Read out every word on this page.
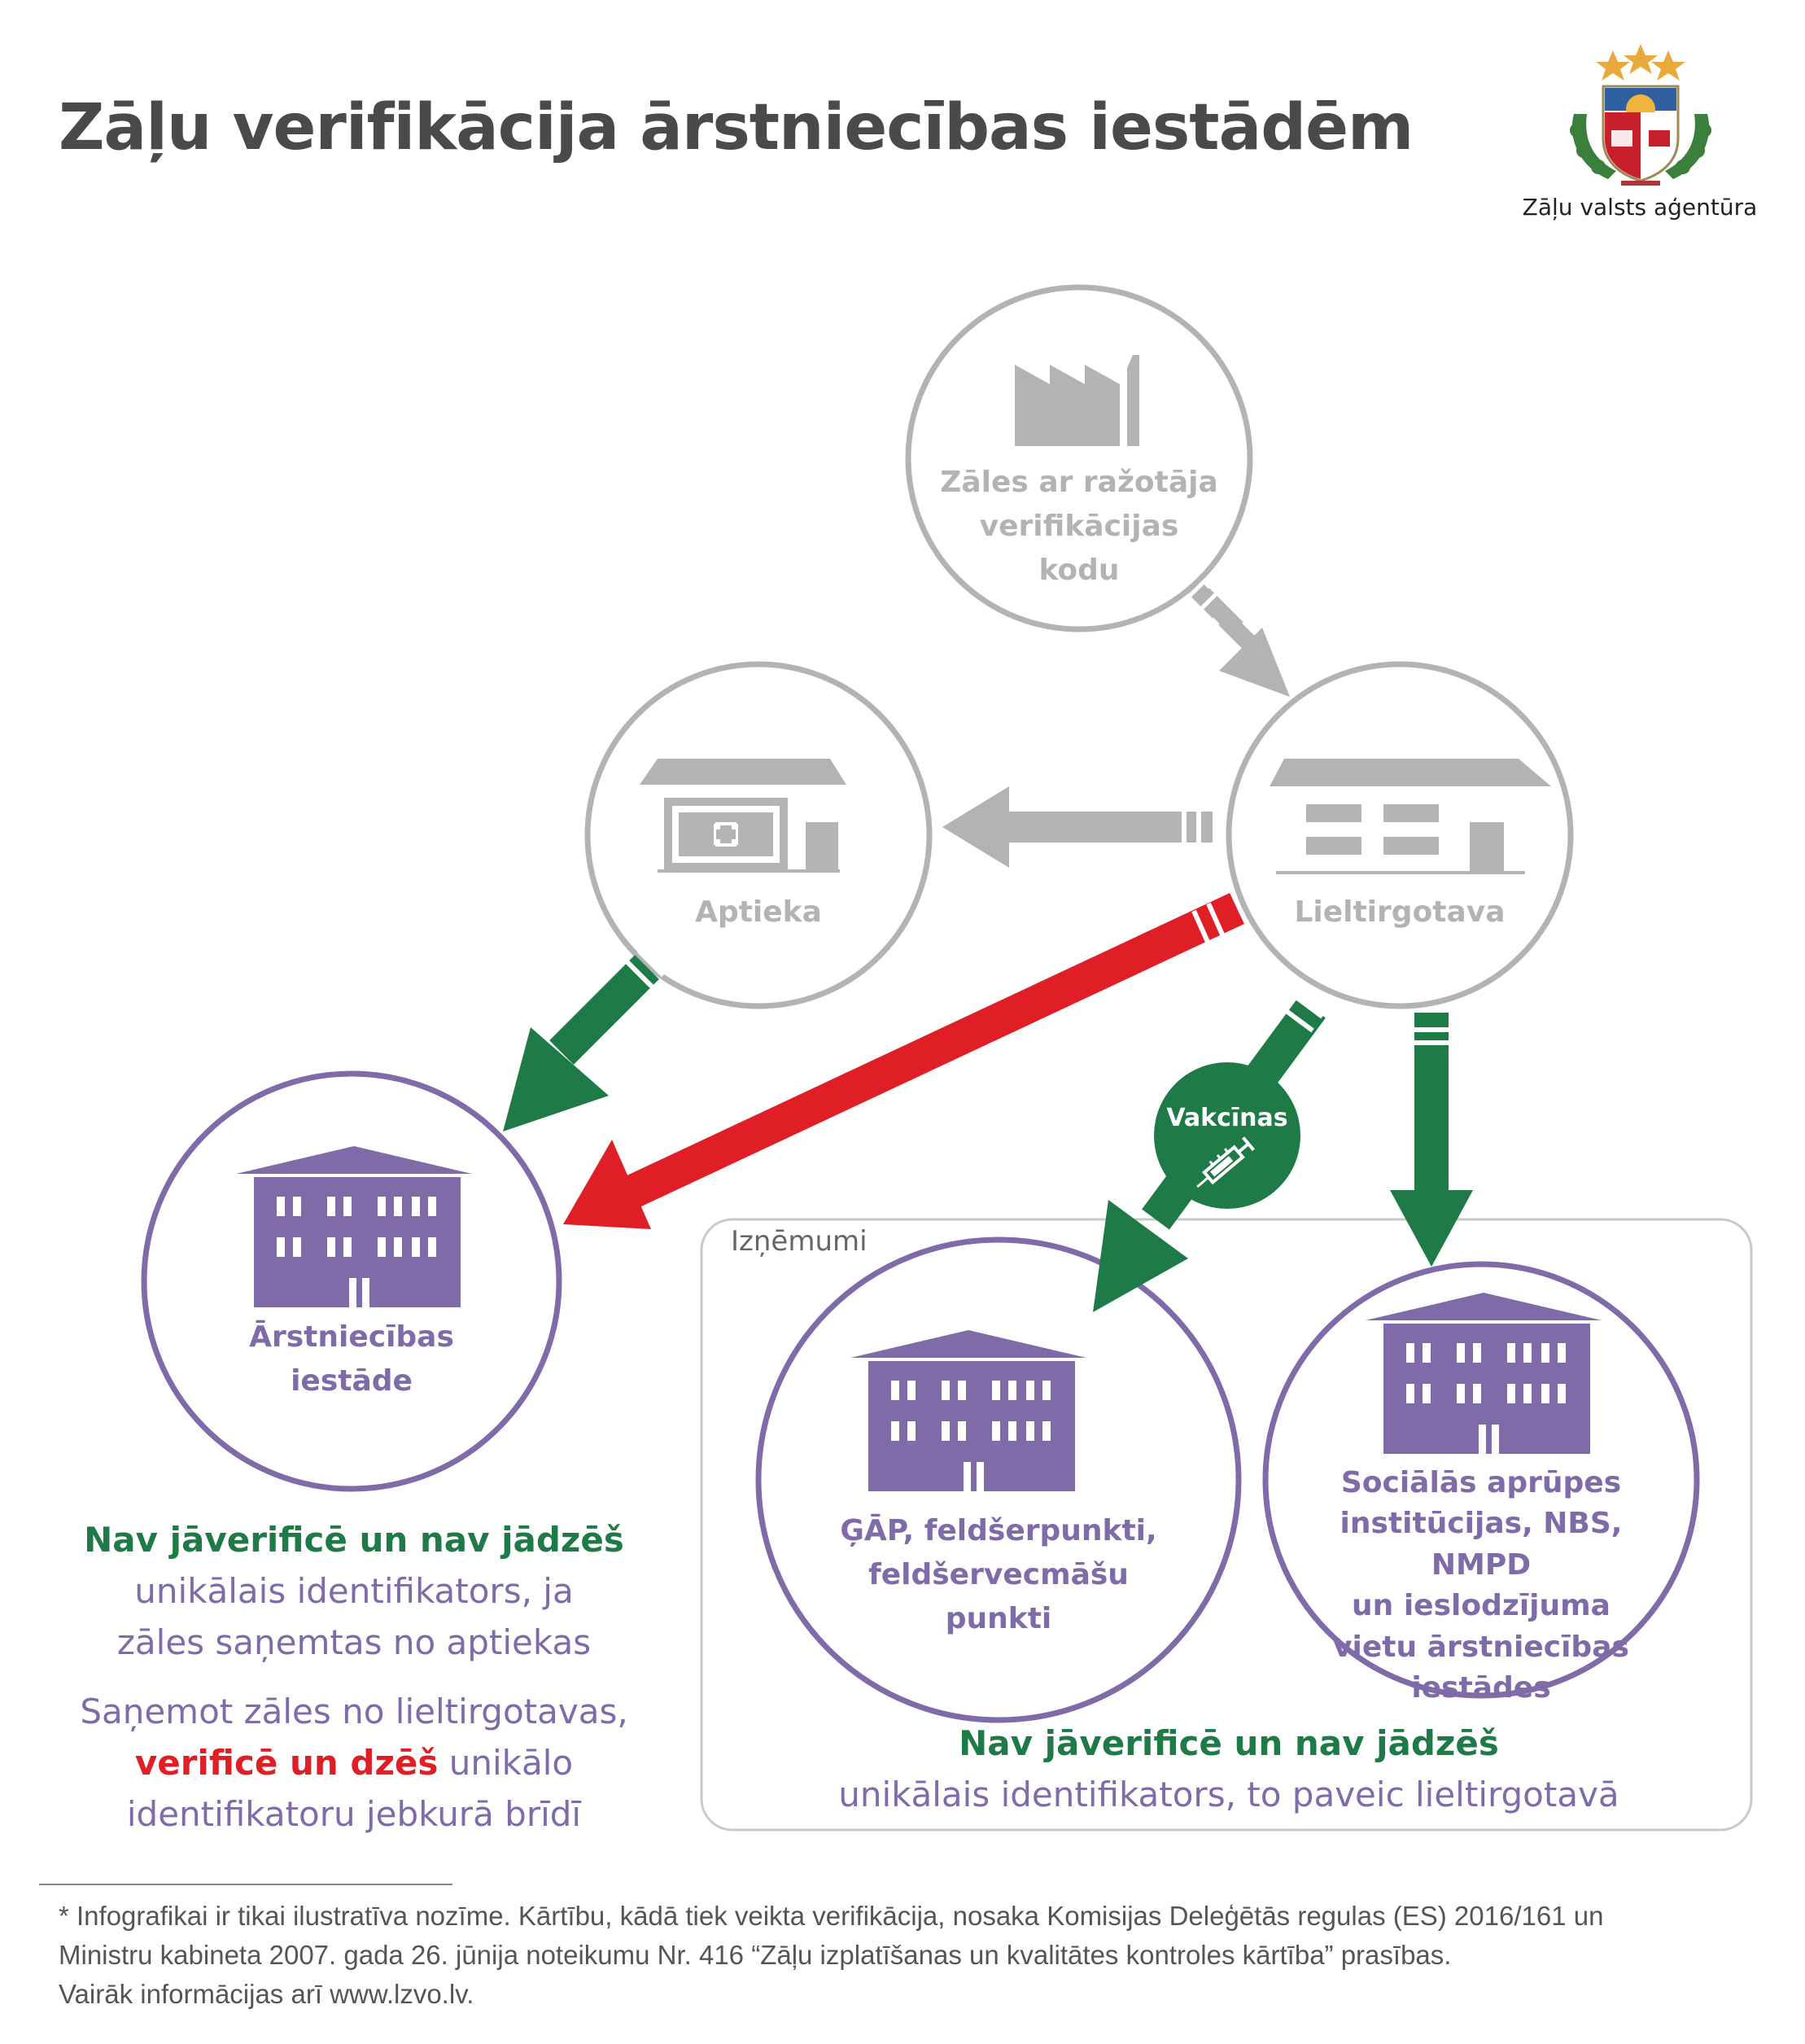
Zāļu verifikācija ārstniecības iestādēm
Zāļu valsts aģentūra
Zāles ar ražotāja
verifikācijas
kodu
Aptieka	Lieltirgotava
Ārstniecības
iestāde
ĢĀP, feldšerpunkti,
feldšervecmāšu
punkti
Sociālās aprūpes
institūcijas, NBS, NMPD
un ieslodzījuma
vietu ārstniecības
iestādes
Vakcīnas
Izņēmumi
Nav jāverificē un nav jādzēš
unikālais identifikators, ja
zāles saņemtas no aptiekas
Saņemot zāles no lieltirgotavas,
verificē un dzēš unikālo
identifikatoru jebkurā brīdī
Nav jāverificē un nav jādzēš
unikālais identifikators, to paveic lieltirgotavā
* Infografikai ir tikai ilustratīva nozīme. Kārtību, kādā tiek veikta verifikācija, nosaka Komisijas Deleģētās regulas (ES) 2016/161 un
Ministru kabineta 2007. gada 26. jūnija noteikumu Nr. 416 “Zāļu izplatīšanas un kvalitātes kontroles kārtība” prasības.
Vairāk informācijas arī www.lzvo.lv.
